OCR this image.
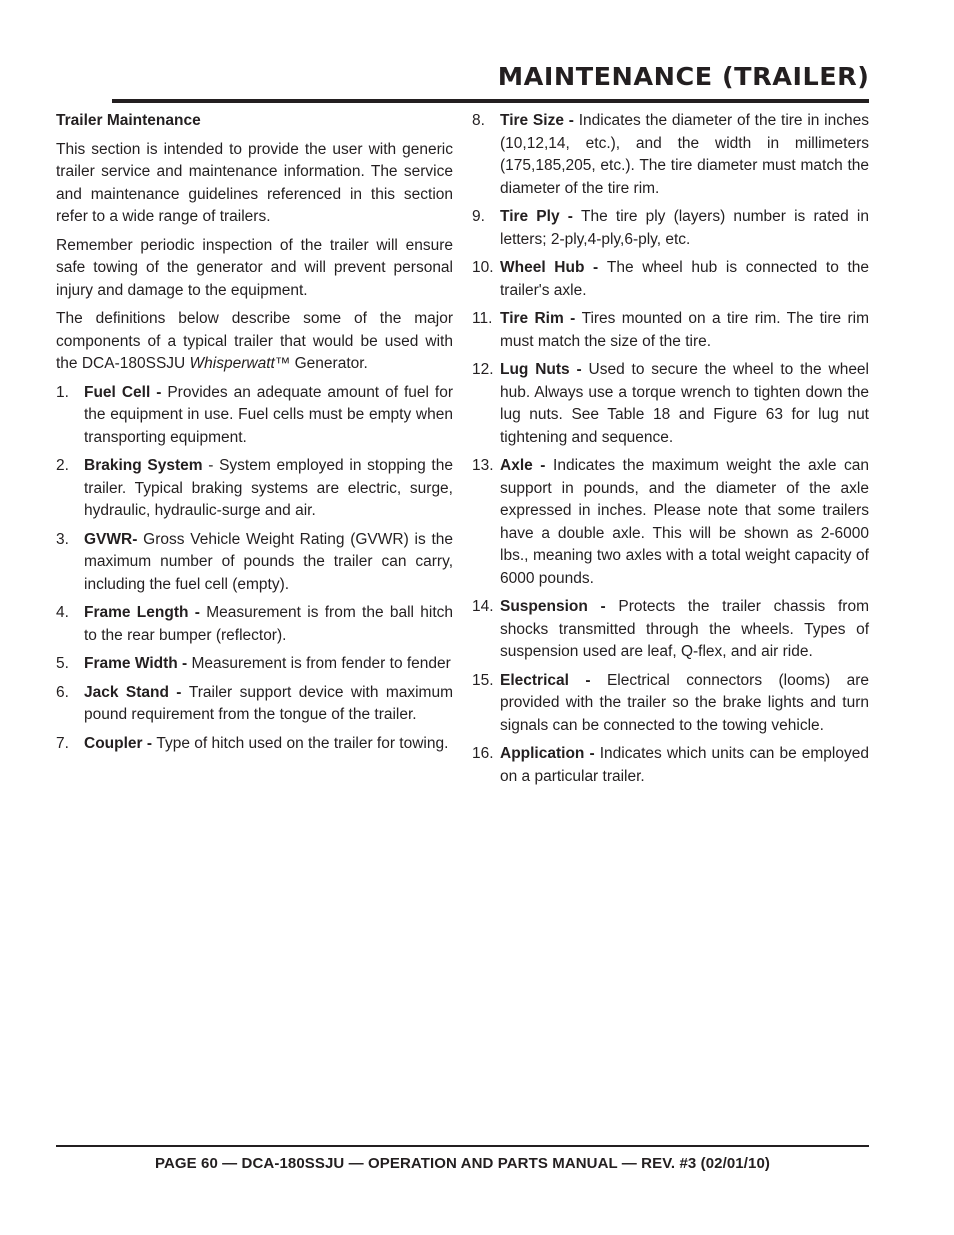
MAINTENANCE (TRAILER)
Trailer Maintenance

This section is intended to provide the user with generic trailer service and maintenance information. The service and maintenance guidelines referenced in this section refer to a wide range of trailers.

Remember periodic inspection of the trailer will ensure safe towing of the generator and will prevent personal injury and damage to the equipment.

The definitions below describe some of the major components of a typical trailer that would be used with the DCA-180SSJU Whisperwatt™ Generator.

1. Fuel Cell - Provides an adequate amount of fuel for the equipment in use. Fuel cells must be empty when transporting equipment.
2. Braking System - System employed in stopping the trailer. Typical braking systems are electric, surge, hydraulic, hydraulic-surge and air.
3. GVWR- Gross Vehicle Weight Rating (GVWR) is the maximum number of pounds the trailer can carry, including the fuel cell (empty).
4. Frame Length - Measurement is from the ball hitch to the rear bumper (reflector).
5. Frame Width - Measurement is from fender to fender
6. Jack Stand - Trailer support device with maximum pound requirement from the tongue of the trailer.
7. Coupler - Type of hitch used on the trailer for towing.
8. Tire Size - Indicates the diameter of the tire in inches (10,12,14, etc.), and the width in millimeters (175,185,205, etc.). The tire diameter must match the diameter of the tire rim.
9. Tire Ply - The tire ply (layers) number is rated in letters; 2-ply,4-ply,6-ply, etc.
10. Wheel Hub - The wheel hub is connected to the trailer's axle.
11. Tire Rim - Tires mounted on a tire rim. The tire rim must match the size of the tire.
12. Lug Nuts - Used to secure the wheel to the wheel hub. Always use a torque wrench to tighten down the lug nuts. See Table 18 and Figure 63 for lug nut tightening and sequence.
13. Axle - Indicates the maximum weight the axle can support in pounds, and the diameter of the axle expressed in inches. Please note that some trailers have a double axle. This will be shown as 2-6000 lbs., meaning two axles with a total weight capacity of 6000 pounds.
14. Suspension - Protects the trailer chassis from shocks transmitted through the wheels. Types of suspension used are leaf, Q-flex, and air ride.
15. Electrical - Electrical connectors (looms) are provided with the trailer so the brake lights and turn signals can be connected to the towing vehicle.
16. Application - Indicates which units can be employed on a particular trailer.
PAGE 60 — DCA-180SSJU — OPERATION AND PARTS MANUAL — REV. #3 (02/01/10)
